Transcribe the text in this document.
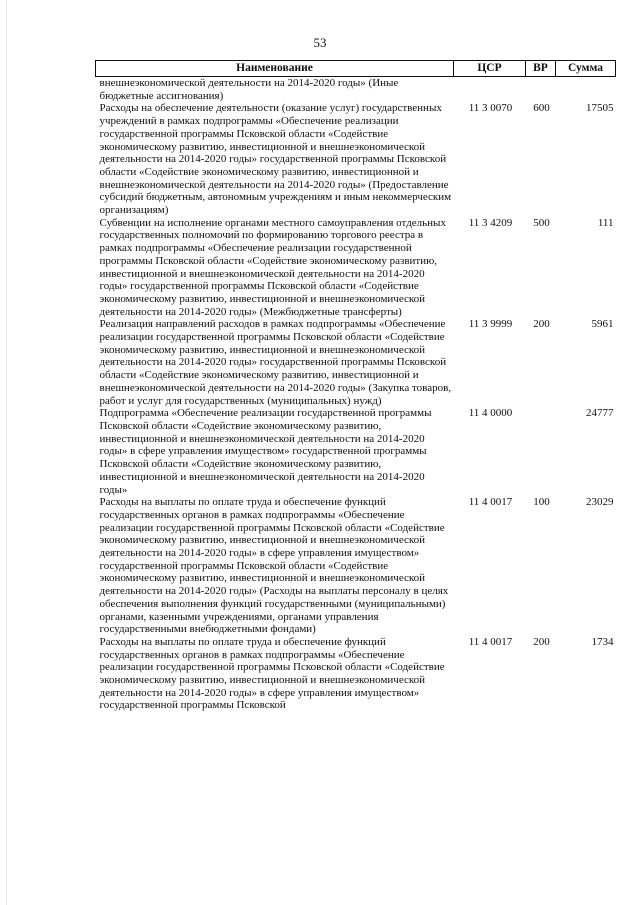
53
Наименование	ЦСР	ВР	Сумма
внешнеэкономической деятельности на 2014-2020 годы» (Иные бюджетные ассигнования)			
Расходы на обеспечение деятельности (оказание услуг) государственных учреждений в рамках подпрограммы «Обеспечение реализации государственной программы Псковской области «Содействие экономическому развитию, инвестиционной и внешнеэкономической деятельности на 2014-2020 годы» государственной программы Псковской области «Содействие экономическому развитию, инвестиционной и внешнеэкономической деятельности на 2014-2020 годы» (Предоставление субсидий бюджетным, автономным учреждениям и иным некоммерческим организациям)	11 3 0070	600	17505
Субвенции на исполнение органами местного самоуправления отдельных государственных полномочий по формированию торгового реестра в рамках подпрограммы «Обеспечение реализации государственной программы Псковской области «Содействие экономическому развитию, инвестиционной и внешнеэкономической деятельности на 2014-2020 годы» государственной программы Псковской области «Содействие экономическому развитию, инвестиционной и внешнеэкономической деятельности на 2014-2020 годы» (Межбюджетные трансферты)	11 3 4209	500	111
Реализация направлений расходов в рамках подпрограммы «Обеспечение реализации государственной программы Псковской области «Содействие экономическому развитию, инвестиционной и внешнеэкономической деятельности на 2014-2020 годы» государственной программы Псковской области «Содействие экономическому развитию, инвестиционной и внешнеэкономической деятельности на 2014-2020 годы» (Закупка товаров, работ и услуг для государственных (муниципальных) нужд)	11 3 9999	200	5961
Подпрограмма «Обеспечение реализации государственной программы Псковской области «Содействие экономическому развитию, инвестиционной и внешнеэкономической деятельности на 2014-2020 годы» в сфере управления имуществом» государственной программы Псковской области «Содействие экономическому развитию, инвестиционной и внешнеэкономической деятельности на 2014-2020 годы»	11 4 0000		24777
Расходы на выплаты по оплате труда и обеспечение функций государственных органов в рамках подпрограммы «Обеспечение реализации государственной программы Псковской области «Содействие экономическому развитию, инвестиционной и внешнеэкономической деятельности на 2014-2020 годы» в сфере управления имуществом» государственной программы Псковской области «Содействие экономическому развитию, инвестиционной и внешнеэкономической деятельности на 2014-2020 годы» (Расходы на выплаты персоналу в целях обеспечения выполнения функций государственными (муниципальными) органами, казенными учреждениями, органами управления государственными внебюджетными фондами)	11 4 0017	100	23029
Расходы на выплаты по оплате труда и обеспечение функций государственных органов в рамках подпрограммы «Обеспечение реализации государственной программы Псковской области «Содействие экономическому развитию, инвестиционной и внешнеэкономической деятельности на 2014-2020 годы» в сфере управления имуществом» государственной программы Псковской	11 4 0017	200	1734
